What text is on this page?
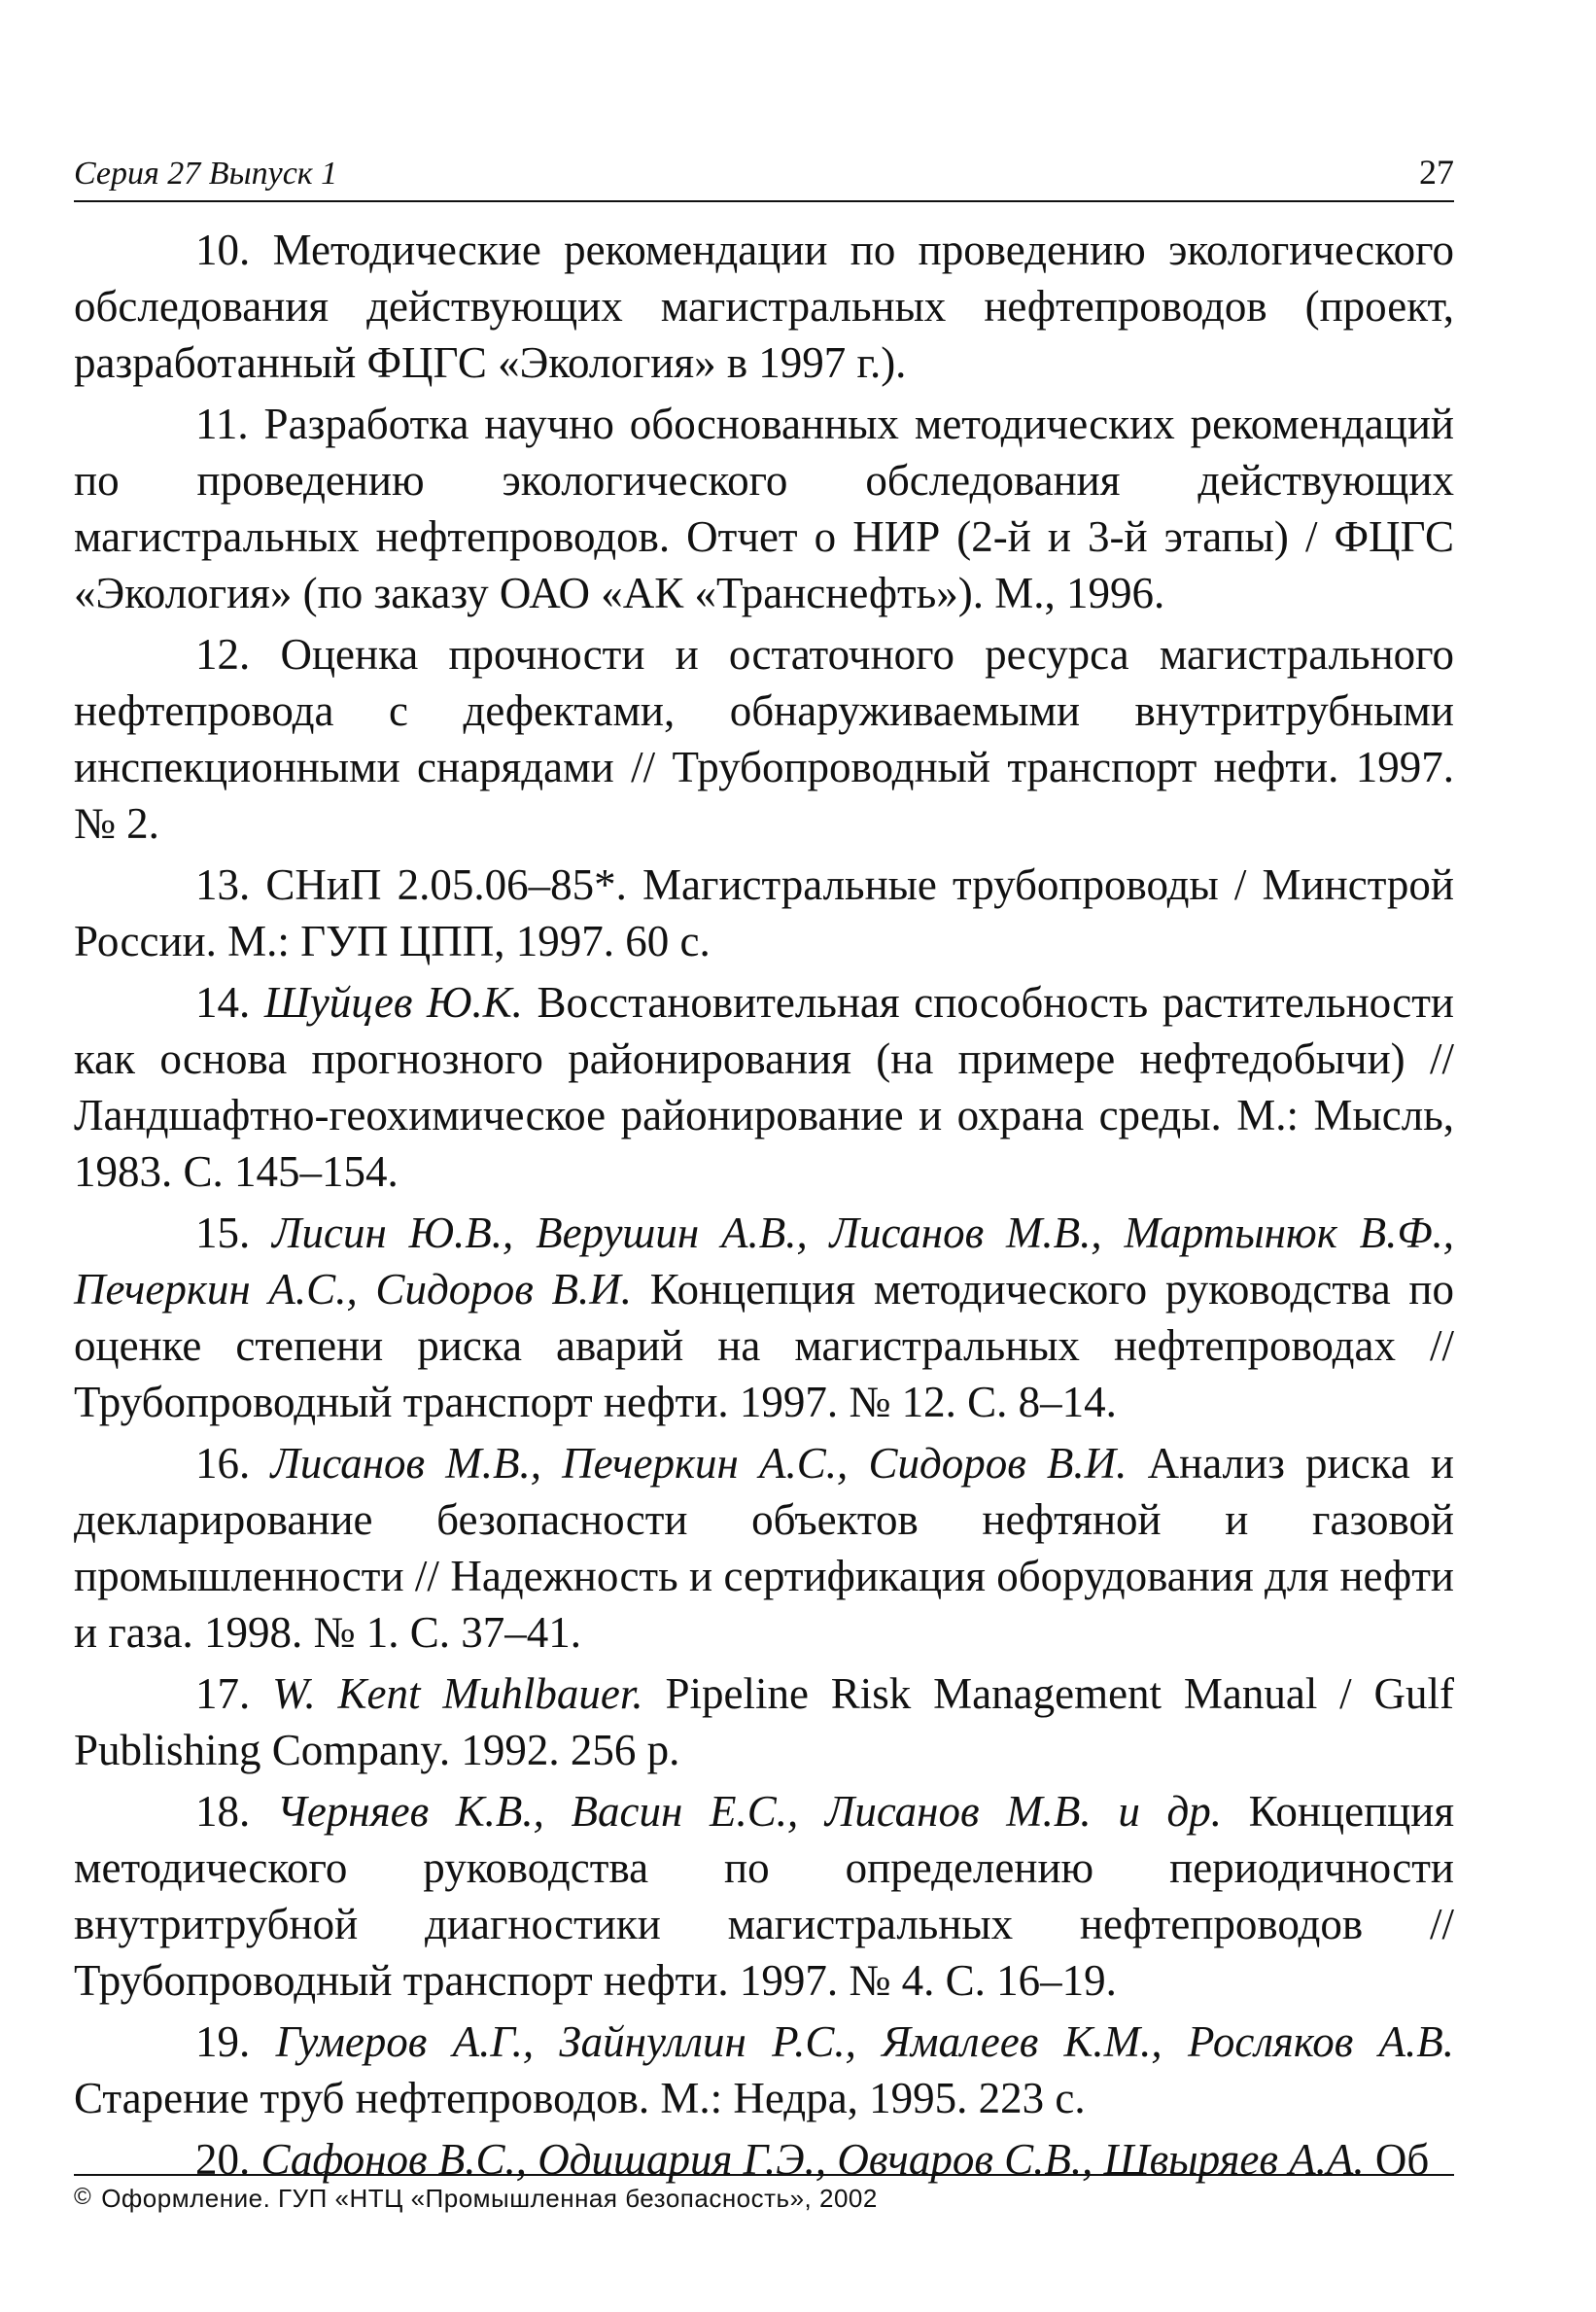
Серия 27 Выпуск 1	27

10. Методические рекомендации по проведению экологического обследования действующих магистральных нефтепроводов (проект, разработанный ФЦГС «Экология» в 1997 г.).

11. Разработка научно обоснованных методических рекомендаций по проведению экологического обследования действующих магистральных нефтепроводов. Отчет о НИР (2-й и 3-й этапы) / ФЦГС «Экология» (по заказу ОАО «АК «Транснефть»). М., 1996.

12. Оценка прочности и остаточного ресурса магистрального нефтепровода с дефектами, обнаруживаемыми внутритрубными инспекционными снарядами // Трубопроводный транспорт нефти. 1997. № 2.

13. СНиП 2.05.06–85*. Магистральные трубопроводы / Минстрой России. М.: ГУП ЦПП, 1997. 60 с.

14. Шуйцев Ю.К. Восстановительная способность растительности как основа прогнозного районирования (на примере нефтедобычи) // Ландшафтно-геохимическое районирование и охрана среды. М.: Мысль, 1983. С. 145–154.

15. Лисин Ю.В., Верушин А.В., Лисанов М.В., Мартынюк В.Ф., Печеркин А.С., Сидоров В.И. Концепция методического руководства по оценке степени риска аварий на магистральных нефтепроводах // Трубопроводный транспорт нефти. 1997. № 12. С. 8–14.

16. Лисанов М.В., Печеркин А.С., Сидоров В.И. Анализ риска и декларирование безопасности объектов нефтяной и газовой промышленности // Надежность и сертификация оборудования для нефти и газа. 1998. № 1. С. 37–41.

17. W. Kent Muhlbauer. Pipeline Risk Management Manual / Gulf Publishing Company. 1992. 256 p.

18. Черняев К.В., Васин Е.С., Лисанов М.В. и др. Концепция методического руководства по определению периодичности внутритрубной диагностики магистральных нефтепроводов // Трубопроводный транспорт нефти. 1997. № 4. С. 16–19.

19. Гумеров А.Г., Зайнуллин Р.С., Ямалеев К.М., Росляков А.В. Старение труб нефтепроводов. М.: Недра, 1995. 223 с.

20. Сафонов В.С., Одишария Г.Э., Овчаров С.В., Швыряев А.А. Об

© Оформление. ГУП «НТЦ «Промышленная безопасность», 2002
